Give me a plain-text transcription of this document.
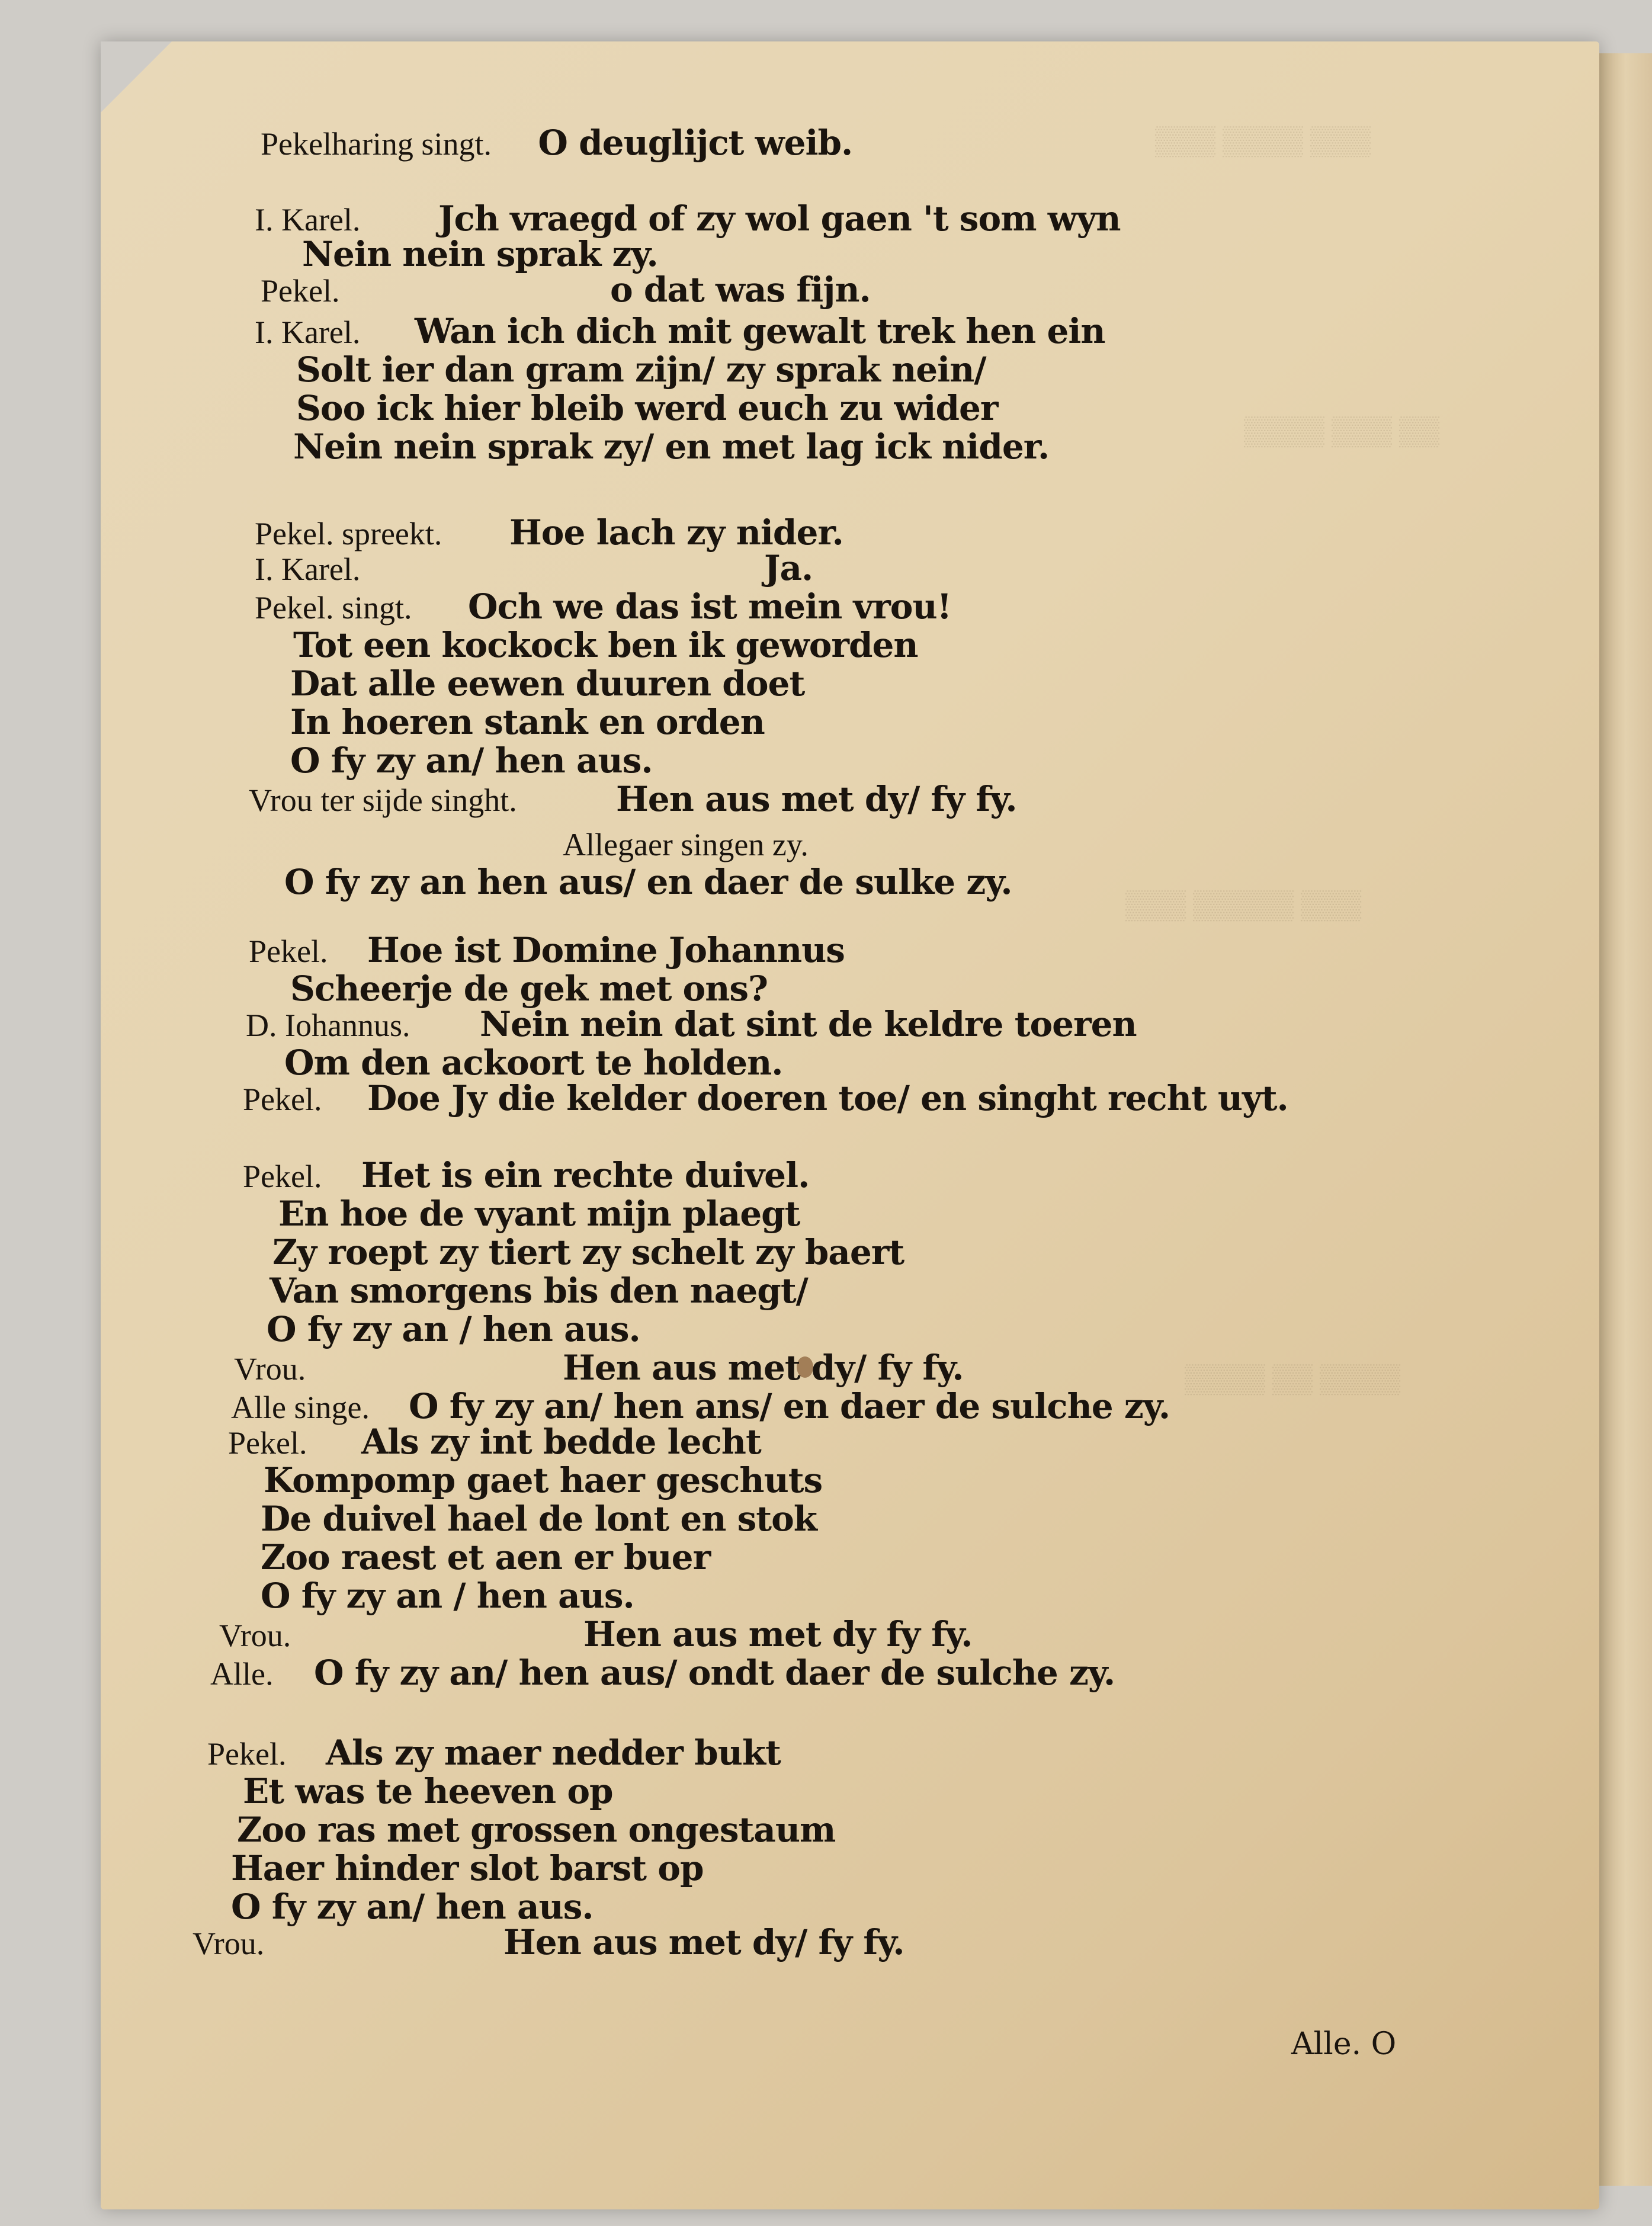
▒▒▒ ▒▒▒▒ ▒▒▒
▒▒▒▒ ▒▒▒ ▒▒
▒▒▒ ▒▒▒▒▒ ▒▒▒
▒▒▒▒ ▒▒ ▒▒▒▒
Pekelharing singt. O deuglijct weib.
I. Karel. Jch vraegd of zy wol gaen 't som wyn
Nein nein sprak zy.
Pekel.	o dat was fijn.
I. Karel. Wan ich dich mit gewalt trek hen ein
Solt ier dan gram zijn/ zy sprak nein/
Soo ick hier bleib werd euch zu wider
Nein nein sprak zy/ en met lag ick nider.
Pekel. spreekt. Hoe lach zy nider.
I. Karel.	Ja.
Pekel. singt. Och we das ist mein vrou!
Tot een kockock ben ik geworden
Dat alle eewen duuren doet
In hoeren stank en orden
O fy zy an/ hen aus.
Vrou ter sijde singht.	Hen aus met dy/ fy fy.
Allegaer singen zy.
O fy zy an hen aus/ en daer de sulke zy.
Pekel. Hoe ist Domine Johannus
Scheerje de gek met ons?
D. Iohannus. Nein nein dat sint de keldre toeren
Om den ackoort te holden.
Pekel. Doe Jy die kelder doeren toe/ en singht recht uyt.
Pekel. Het is ein rechte duivel.
En hoe de vyant mijn plaegt
Zy roept zy tiert zy schelt zy baert
Van smorgens bis den naegt/
O fy zy an / hen aus.
Vrou.	Hen aus met dy/ fy fy.
Alle singe. O fy zy an/ hen ans/ en daer de sulche zy.
Pekel. Als zy int bedde lecht
Kompomp gaet haer geschuts
De duivel hael de lont en stok
Zoo raest et aen er buer
O fy zy an / hen aus.
Vrou.	Hen aus met dy fy fy.
Alle. O fy zy an/ hen aus/ ondt daer de sulche zy.
Pekel. Als zy maer nedder bukt
Et was te heeven op
Zoo ras met grossen ongestaum
Haer hinder slot barst op
O fy zy an/ hen aus.
Vrou.	Hen aus met dy/ fy fy.
Alle. O
